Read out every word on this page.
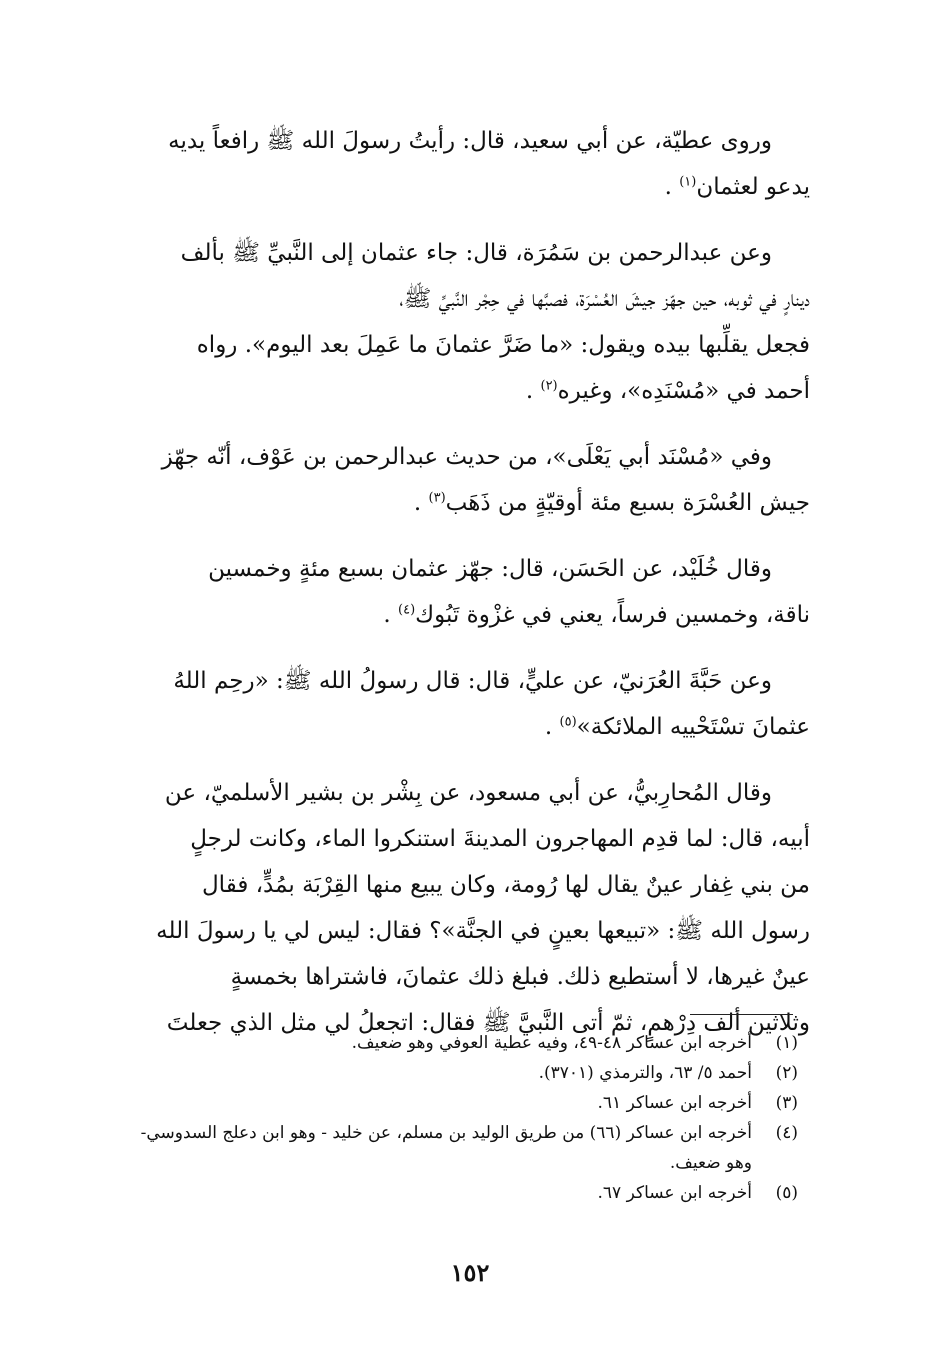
وروى عطيّة، عن أبي سعيد، قال: رأيتُ رسولَ الله ﷺ رافعاً يديه
يدعو لعثمان$^{(١)}$ .

وعن عبدالرحمن بن سَمُرَة، قال: جاء عثمان إلى النَّبيِّ ﷺ بألف
دينارٍ في ثوبه، حين جهّز جيشَ العُسْرَة، فصبَّها في حِجْر النَّبيِّ ﷺ،
فجعل يقلِّبها بيده ويقول: «ما ضَرَّ عثمانَ ما عَمِلَ بعد اليوم». رواه
أحمد في «مُسْنَدِه»، وغيره$^{(٢)}$ .

وفي «مُسْنَد أبي يَعْلَى»، من حديث عبدالرحمن بن عَوْف، أنّه جهّز
جيش العُسْرَة بسبع مئة أوقيّةٍ من ذَهَب$^{(٣)}$ .

وقال خُلَيْد، عن الحَسَن، قال: جهّز عثمان بسبع مئةٍ وخمسين
ناقة، وخمسين فرساً، يعني في غزْوة تَبُوك$^{(٤)}$ .

وعن حَبَّةَ العُرَنيّ، عن عليٍّ، قال: قال رسولُ الله ﷺ: «رحِم اللهُ
عثمانَ تسْتَحْييه الملائكة»$^{(٥)}$ .

وقال المُحارِبيُّ، عن أبي مسعود، عن بِشْر بن بشير الأسلميّ، عن
أبيه، قال: لما قدِم المهاجرون المدينةَ استنكروا الماء، وكانت لرجلٍ
من بني غِفار عينٌ يقال لها رُومة، وكان يبيع منها القِرْبَة بمُدٍّ، فقال
رسول الله ﷺ: «تبيعها بعينٍ في الجنَّة»؟ فقال: ليس لي يا رسولَ الله
عينٌ غيرها، لا أستطيع ذلك. فبلغ ذلك عثمانَ، فاشتراها بخمسةٍ
وثلاثين ألف دِرْهمٍ، ثمّ أتى النَّبيَّ ﷺ فقال: اتجعلُ لي مثل الذي جعلتَ

(١)
أخرجه ابن عساكر ٤٨-٤٩، وفيه عطية العوفي وهو ضعيف.
(٢)
أحمد ٥/ ٦٣، والترمذي (٣٧٠١).
(٣)
أخرجه ابن عساكر ٦١.
(٤)
أخرجه ابن عساكر (٦٦) من طريق الوليد بن مسلم، عن خليد - وهو ابن دعلج السدوسي- وهو ضعيف.
(٥)
أخرجه ابن عساكر ٦٧.
١٥٢
